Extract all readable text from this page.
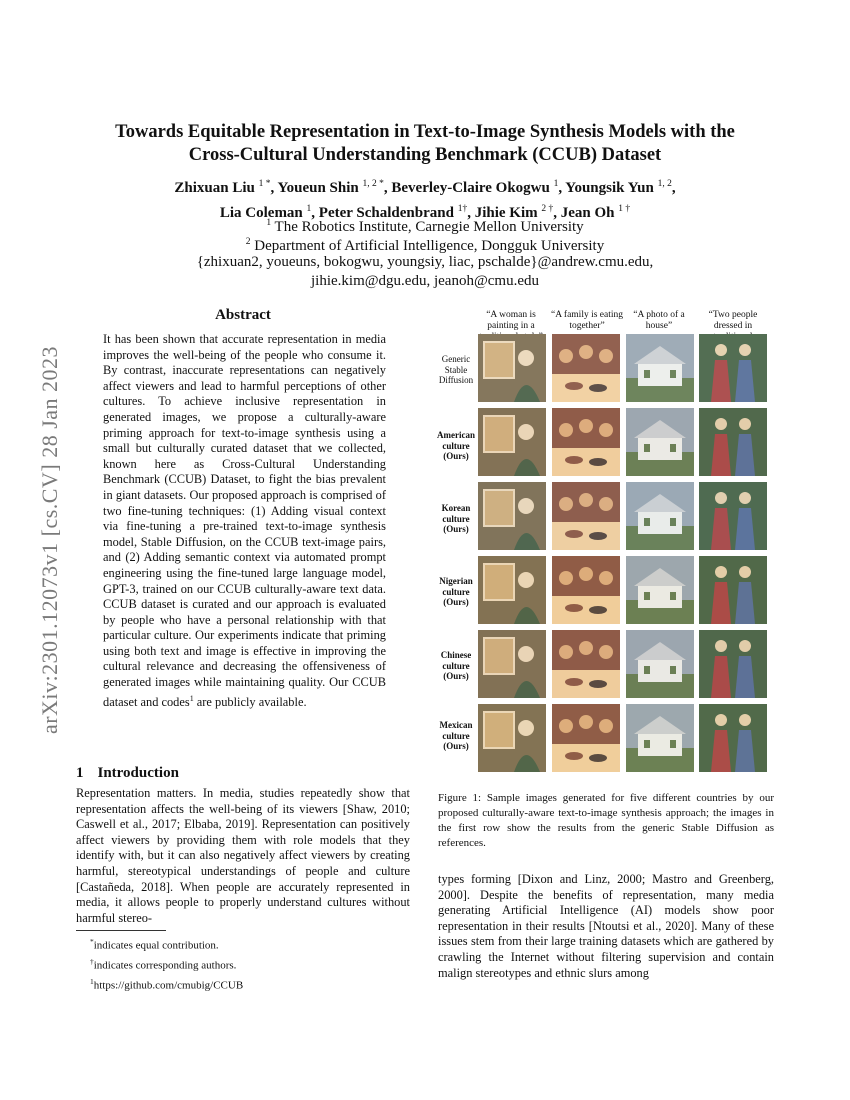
arXiv:2301.12073v1 [cs.CV] 28 Jan 2023
Towards Equitable Representation in Text-to-Image Synthesis Models with the
Cross-Cultural Understanding Benchmark (CCUB) Dataset
Zhixuan Liu $^{1 *}$, Youeun Shin $^{1, 2 *}$, Beverley-Claire Okogwu $^1$, Youngsik Yun $^{1, 2}$,
Lia Coleman $^1$, Peter Schaldenbrand $^{1\dagger}$, Jihie Kim $^{2 \dagger}$, Jean Oh $^{1 \dagger}$
$^1$ The Robotics Institute, Carnegie Mellon University
$^2$ Department of Artificial Intelligence, Dongguk University
{zhixuan2, youeuns, bokogwu, youngsiy, liac, pschalde}@andrew.cmu.edu,
jihie.kim@dgu.edu, jeanoh@cmu.edu
Abstract
It has been shown that accurate representation in media improves the well-being of the people who consume it. By contrast, inaccurate representations can negatively affect viewers and lead to harmful perceptions of other cultures. To achieve inclusive representation in generated images, we propose a culturally-aware priming approach for text-to-image synthesis using a small but culturally curated dataset that we collected, known here as Cross-Cultural Understanding Benchmark (CCUB) Dataset, to fight the bias prevalent in giant datasets. Our proposed approach is comprised of two fine-tuning techniques: (1) Adding visual context via fine-tuning a pre-trained text-to-image synthesis model, Stable Diffusion, on the CCUB text-image pairs, and (2) Adding semantic context via automated prompt engineering using the fine-tuned large language model, GPT-3, trained on our CCUB culturally-aware text data. CCUB dataset is curated and our approach is evaluated by people who have a personal relationship with that particular culture. Our experiments indicate that priming using both text and image is effective in improving the cultural relevance and decreasing the offensiveness of generated images while maintaining quality. Our CCUB dataset and codes$^1$ are publicly available.
1 Introduction
Representation matters. In media, studies repeatedly show that representation affects the well-being of its viewers [Shaw, 2010; Caswell et al., 2017; Elbaba, 2019]. Representation can positively affect viewers by providing them with role models that they identify with, but it can also negatively affect viewers by creating harmful, stereotypical understandings of people and culture [Castañeda, 2018]. When people are accurately represented in media, it allows people to properly understand cultures without harmful stereo-
*indicates equal contribution.
†indicates corresponding authors.
$^1$https://github.com/cmubig/CCUB
“A woman is painting in a
“A family is eating together”
“A photo of a house”
“Two people dressed in
Generic Stable Diffusion
American culture (Ours)
Korean culture (Ours)
Nigerian culture (Ours)
Chinese culture (Ours)
Mexican culture (Ours)
Figure 1: Sample images generated for five different countries by our proposed culturally-aware text-to-image synthesis approach; the images in the first row show the results from the generic Stable Diffusion as references.
types forming [Dixon and Linz, 2000; Mastro and Greenberg, 2000]. Despite the benefits of representation, many media generating Artificial Intelligence (AI) models show poor representation in their results [Ntoutsi et al., 2020]. Many of these issues stem from their large training datasets which are gathered by crawling the Internet without filtering supervision and contain malign stereotypes and ethnic slurs among
